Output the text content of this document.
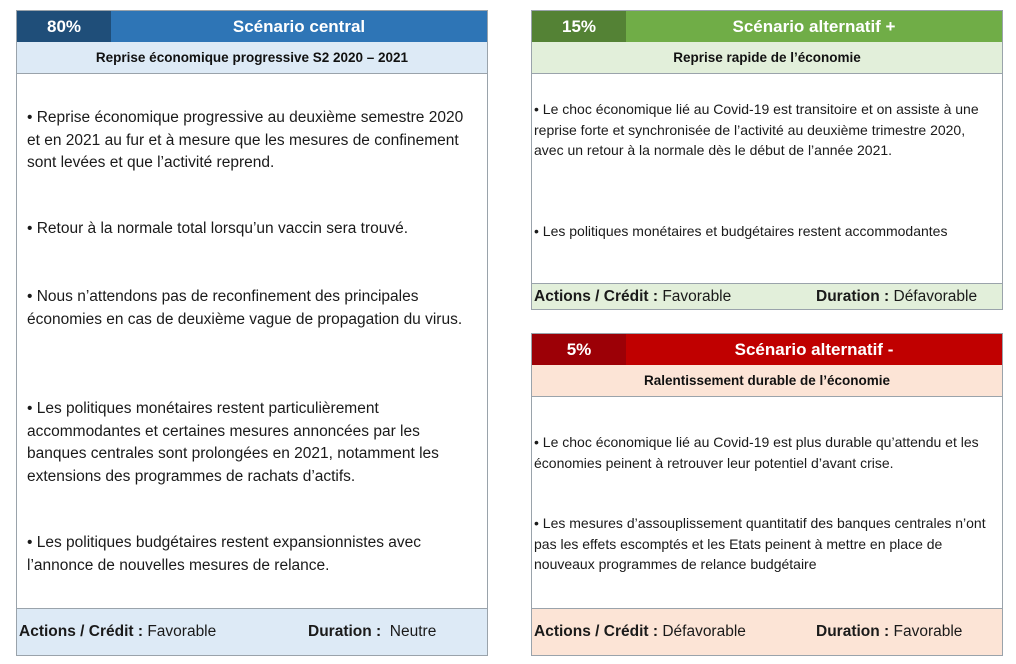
80%	Scénario central
Reprise économique progressive S2 2020 – 2021
• Reprise économique progressive au deuxième semestre 2020 et en 2021 au fur et à mesure que les mesures de confinement sont levées et que l’activité reprend.
• Retour à la normale total lorsqu’un vaccin sera trouvé.
• Nous n’attendons pas de reconfinement des principales économies en cas de deuxième vague de propagation du virus.
• Les politiques monétaires restent particulièrement accommodantes et certaines mesures annoncées par les banques centrales sont prolongées en 2021, notamment les extensions des programmes de rachats d’actifs.
• Les politiques budgétaires restent expansionnistes avec l’annonce de nouvelles mesures de relance.
Actions / Crédit : Favorable	Duration :  Neutre
15%	Scénario alternatif +
Reprise rapide de l’économie
• Le choc économique lié au Covid-19 est transitoire et on assiste à une reprise forte et synchronisée de l’activité au deuxième trimestre 2020, avec un retour à la normale dès le début de l’année 2021.
• Les politiques monétaires et budgétaires restent accommodantes
Actions / Crédit : Favorable	Duration : Défavorable
5%	Scénario alternatif -
Ralentissement durable de l’économie
• Le choc économique lié au Covid-19 est plus durable qu’attendu et les économies peinent à retrouver leur potentiel d’avant crise.
• Les mesures d’assouplissement quantitatif des banques centrales n’ont pas les effets escomptés et les Etats peinent à mettre en place de nouveaux programmes de relance budgétaire
Actions / Crédit : Défavorable	Duration : Favorable
